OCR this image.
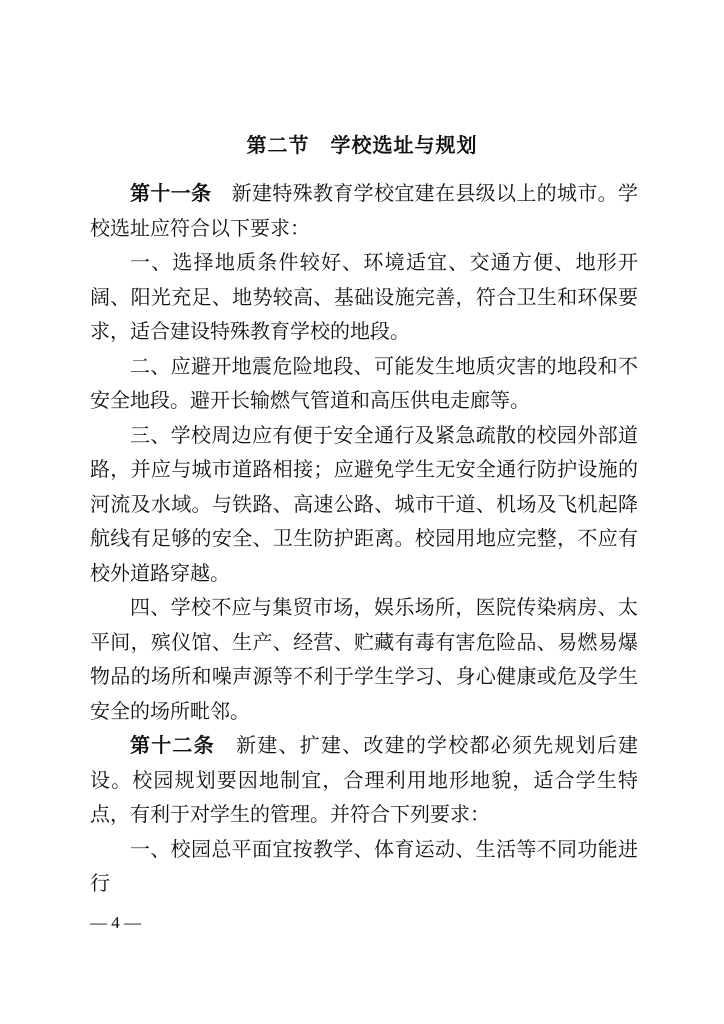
第二节　学校选址与规划

第十一条　新建特殊教育学校宜建在县级以上的城市。学校选址应符合以下要求：

一、选择地质条件较好、环境适宜、交通方便、地形开阔、阳光充足、地势较高、基础设施完善，符合卫生和环保要求，适合建设特殊教育学校的地段。

二、应避开地震危险地段、可能发生地质灾害的地段和不安全地段。避开长输燃气管道和高压供电走廊等。

三、学校周边应有便于安全通行及紧急疏散的校园外部道路，并应与城市道路相接；应避免学生无安全通行防护设施的河流及水域。与铁路、高速公路、城市干道、机场及飞机起降航线有足够的安全、卫生防护距离。校园用地应完整，不应有校外道路穿越。

四、学校不应与集贸市场，娱乐场所，医院传染病房、太平间，殡仪馆、生产、经营、贮藏有毒有害危险品、易燃易爆物品的场所和噪声源等不利于学生学习、身心健康或危及学生安全的场所毗邻。

第十二条　新建、扩建、改建的学校都必须先规划后建设。校园规划要因地制宜，合理利用地形地貌，适合学生特点，有利于对学生的管理。并符合下列要求：

一、校园总平面宜按教学、体育运动、生活等不同功能进行

— 4 —
